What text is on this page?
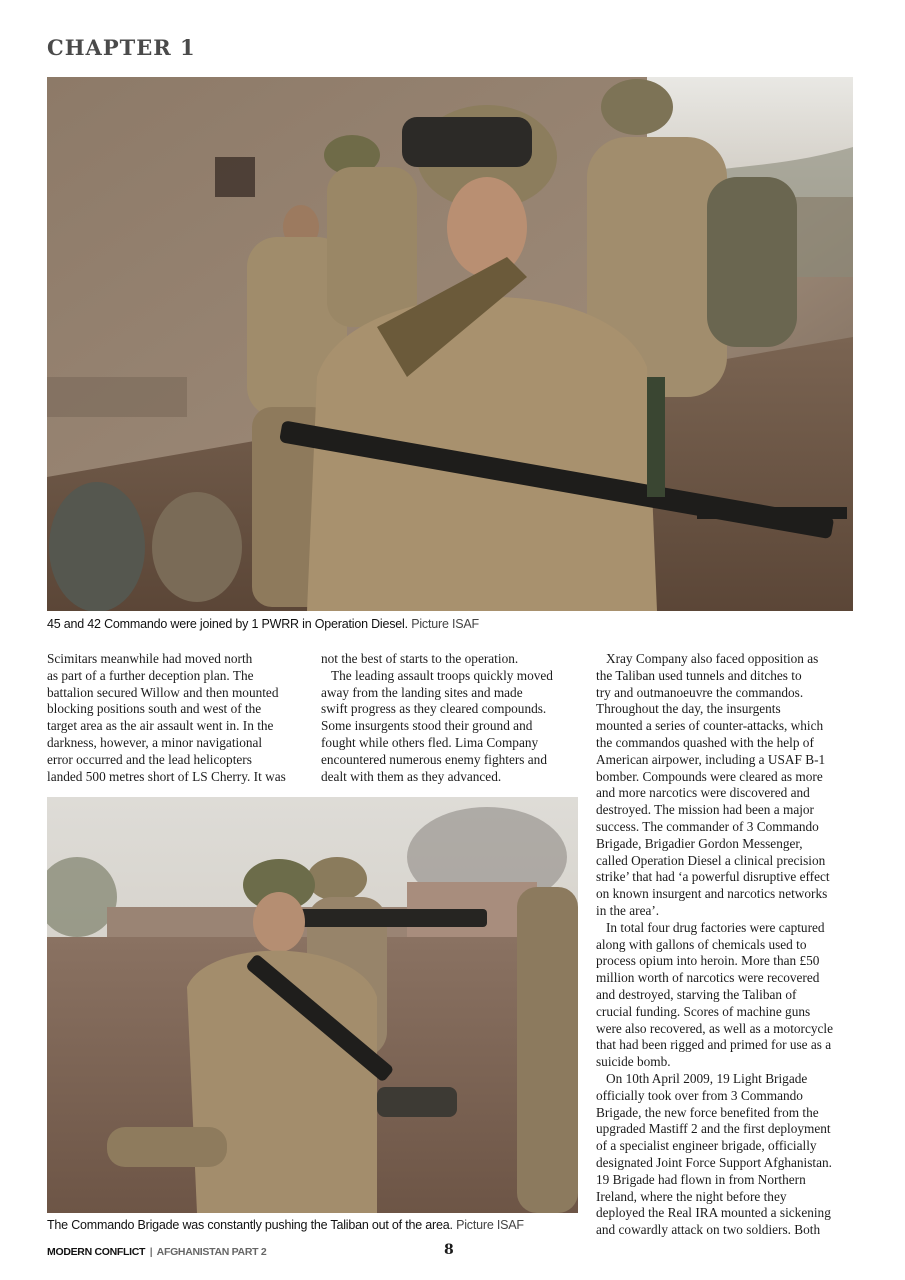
CHAPTER 1
45 and 42 Commando were joined by 1 PWRR in Operation Diesel. Picture ISAF

Scimitars meanwhile had moved north
as part of a further deception plan. The
battalion secured Willow and then mounted
blocking positions south and west of the
target area as the air assault went in. In the
darkness, however, a minor navigational
error occurred and the lead helicopters
landed 500 metres short of LS Cherry. It was

not the best of starts to the operation.

The leading assault troops quickly moved
away from the landing sites and made
swift progress as they cleared compounds.
Some insurgents stood their ground and
fought while others fled. Lima Company
encountered numerous enemy fighters and
dealt with them as they advanced.

Xray Company also faced opposition as
the Taliban used tunnels and ditches to
try and outmanoeuvre the commandos.
Throughout the day, the insurgents
mounted a series of counter-attacks, which
the commandos quashed with the help of
American airpower, including a USAF B-1
bomber. Compounds were cleared as more
and more narcotics were discovered and
destroyed. The mission had been a major
success. The commander of 3 Commando
Brigade, Brigadier Gordon Messenger,
called Operation Diesel a clinical precision
strike’ that had ‘a powerful disruptive effect
on known insurgent and narcotics networks
in the area’.

In total four drug factories were captured
along with gallons of chemicals used to
process opium into heroin. More than £50
million worth of narcotics were recovered
and destroyed, starving the Taliban of
crucial funding. Scores of machine guns
were also recovered, as well as a motorcycle
that had been rigged and primed for use as a
suicide bomb.

On 10th April 2009, 19 Light Brigade
officially took over from 3 Commando
Brigade, the new force benefited from the
upgraded Mastiff 2 and the first deployment
of a specialist engineer brigade, officially
designated Joint Force Support Afghanistan.
19 Brigade had flown in from Northern
Ireland, where the night before they
deployed the Real IRA mounted a sickening
and cowardly attack on two soldiers. Both

The Commando Brigade was constantly pushing the Taliban out of the area. Picture ISAF
MODERN CONFLICT | AFGHANISTAN PART 2	8
